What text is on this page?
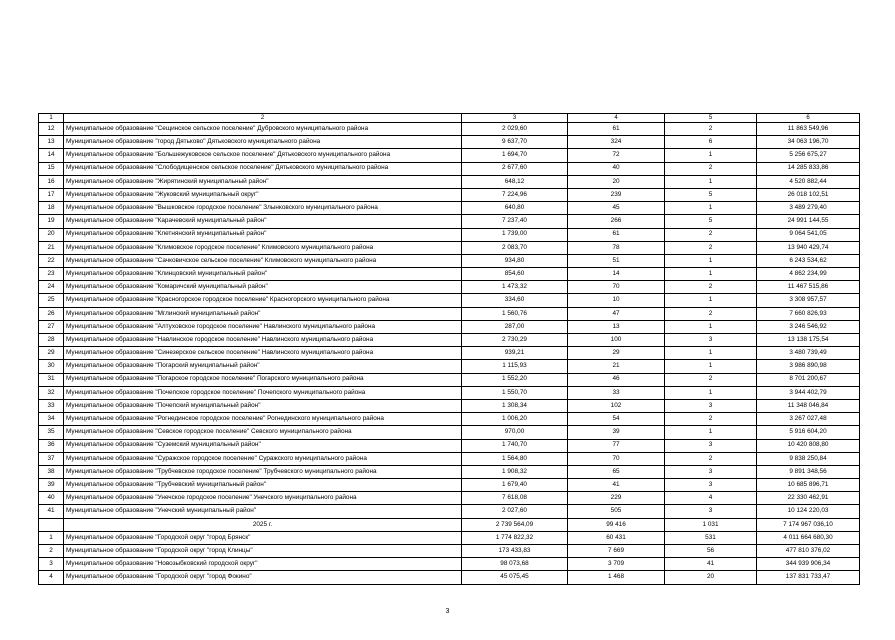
1	2	3	4	5	6
12	Муниципальное образование "Сещинское сельское поселение" Дубровского муниципального района	2 029,60	61	2	11 863 549,96
13	Муниципальное образование "город Дятьково" Дятьковского муниципального района	9 637,70	324	6	34 063 196,70
14	Муниципальное образование "Большежуковское сельское поселение" Дятьковского муниципального района	1 694,70	72	1	5 256 675,27
15	Муниципальное образование "Слободищенское сельское поселение" Дятьковского муниципального района	2 677,60	40	2	14 285 833,86
16	Муниципальное образование "Жирятинский муниципальный район"	648,12	20	1	4 520 882,44
17	Муниципальное образование "Жуковский муниципальный округ"	7 224,96	239	5	26 018 102,51
18	Муниципальное образование "Вышковское городское поселение" Злынковского муниципального района	640,80	45	1	3 489 279,40
19	Муниципальное образование "Карачевский муниципальный район"	7 237,40	266	5	24 991 144,55
20	Муниципальное образование "Клетнянский муниципальный район"	1 739,00	61	2	9 064 541,05
21	Муниципальное образование "Климовское городское поселение" Климовского муниципального района	2 083,70	78	2	13 940 429,74
22	Муниципальное образование "Сачковичское сельское поселение" Климовского муниципального района	934,80	51	1	6 243 534,62
23	Муниципальное образование "Клинцовский муниципальный район"	854,60	14	1	4 862 234,99
24	Муниципальное образование "Комаричский муниципальный район"	1 473,32	70	2	11 467 515,86
25	Муниципальное образование "Красногорское городское поселение" Красногорского муниципального района	334,60	10	1	3 308 957,57
26	Муниципальное образование "Мглинский муниципальный район"	1 560,76	47	2	7 660 826,93
27	Муниципальное образование "Алтуховское городское поселение" Навлинского муниципального района	287,00	13	1	3 246 546,92
28	Муниципальное образование "Навлинское городское поселение" Навлинского муниципального района	2 730,29	100	3	13 138 175,54
29	Муниципальное образование "Синезерское сельское поселение" Навлинского муниципального района	939,21	29	1	3 480 739,49
30	Муниципальное образование "Погарский муниципальный район"	1 115,93	21	1	3 986 890,98
31	Муниципальное образование "Погарское городское поселение" Погарского муниципального района	1 552,20	46	2	8 701 200,67
32	Муниципальное образование "Почепское городское поселение" Почепского муниципального района	1 550,70	33	1	3 944 402,79
33	Муниципальное образование "Почепский муниципальный район"	1 308,34	102	3	11 348 046,84
34	Муниципальное образование "Рогнединское городское поселение" Рогнединского муниципального района	1 006,20	54	2	3 267 027,48
35	Муниципальное образование "Севское городское поселение" Севского муниципального района	970,00	39	1	5 916 604,20
36	Муниципальное образование "Суземский муниципальный район"	1 740,70	77	3	10 420 808,80
37	Муниципальное образование "Суражское городское поселение" Суражского муниципального района	1 564,80	70	2	9 838 250,84
38	Муниципальное образование "Трубчевское городское поселение" Трубчевского муниципального района	1 908,32	65	3	9 891 348,56
39	Муниципальное образование "Трубчевский муниципальный район"	1 679,40	41	3	10 685 896,71
40	Муниципальное образование "Унечское городское поселение" Унечского муниципального района	7 618,08	229	4	22 330 462,91
41	Муниципальное образование "Унечский муниципальный район"	2 027,60	505	3	10 124 220,03
	2025 г.	2 739 564,09	99 416	1 031	7 174 967 036,10
1	Муниципальное образование "Городской округ "город Брянск"	1 774 822,32	60 431	531	4 011 664 680,30
2	Муниципальное образование "Городской округ "город Клинцы"	173 433,83	7 669	56	477 810 376,02
3	Муниципальное образование "Новозыбковский городской округ"	98 073,68	3 709	41	344 939 906,34
4	Муниципальное образование "Городской округ "город Фокино"	45 075,45	1 468	20	137 831 733,47
3
